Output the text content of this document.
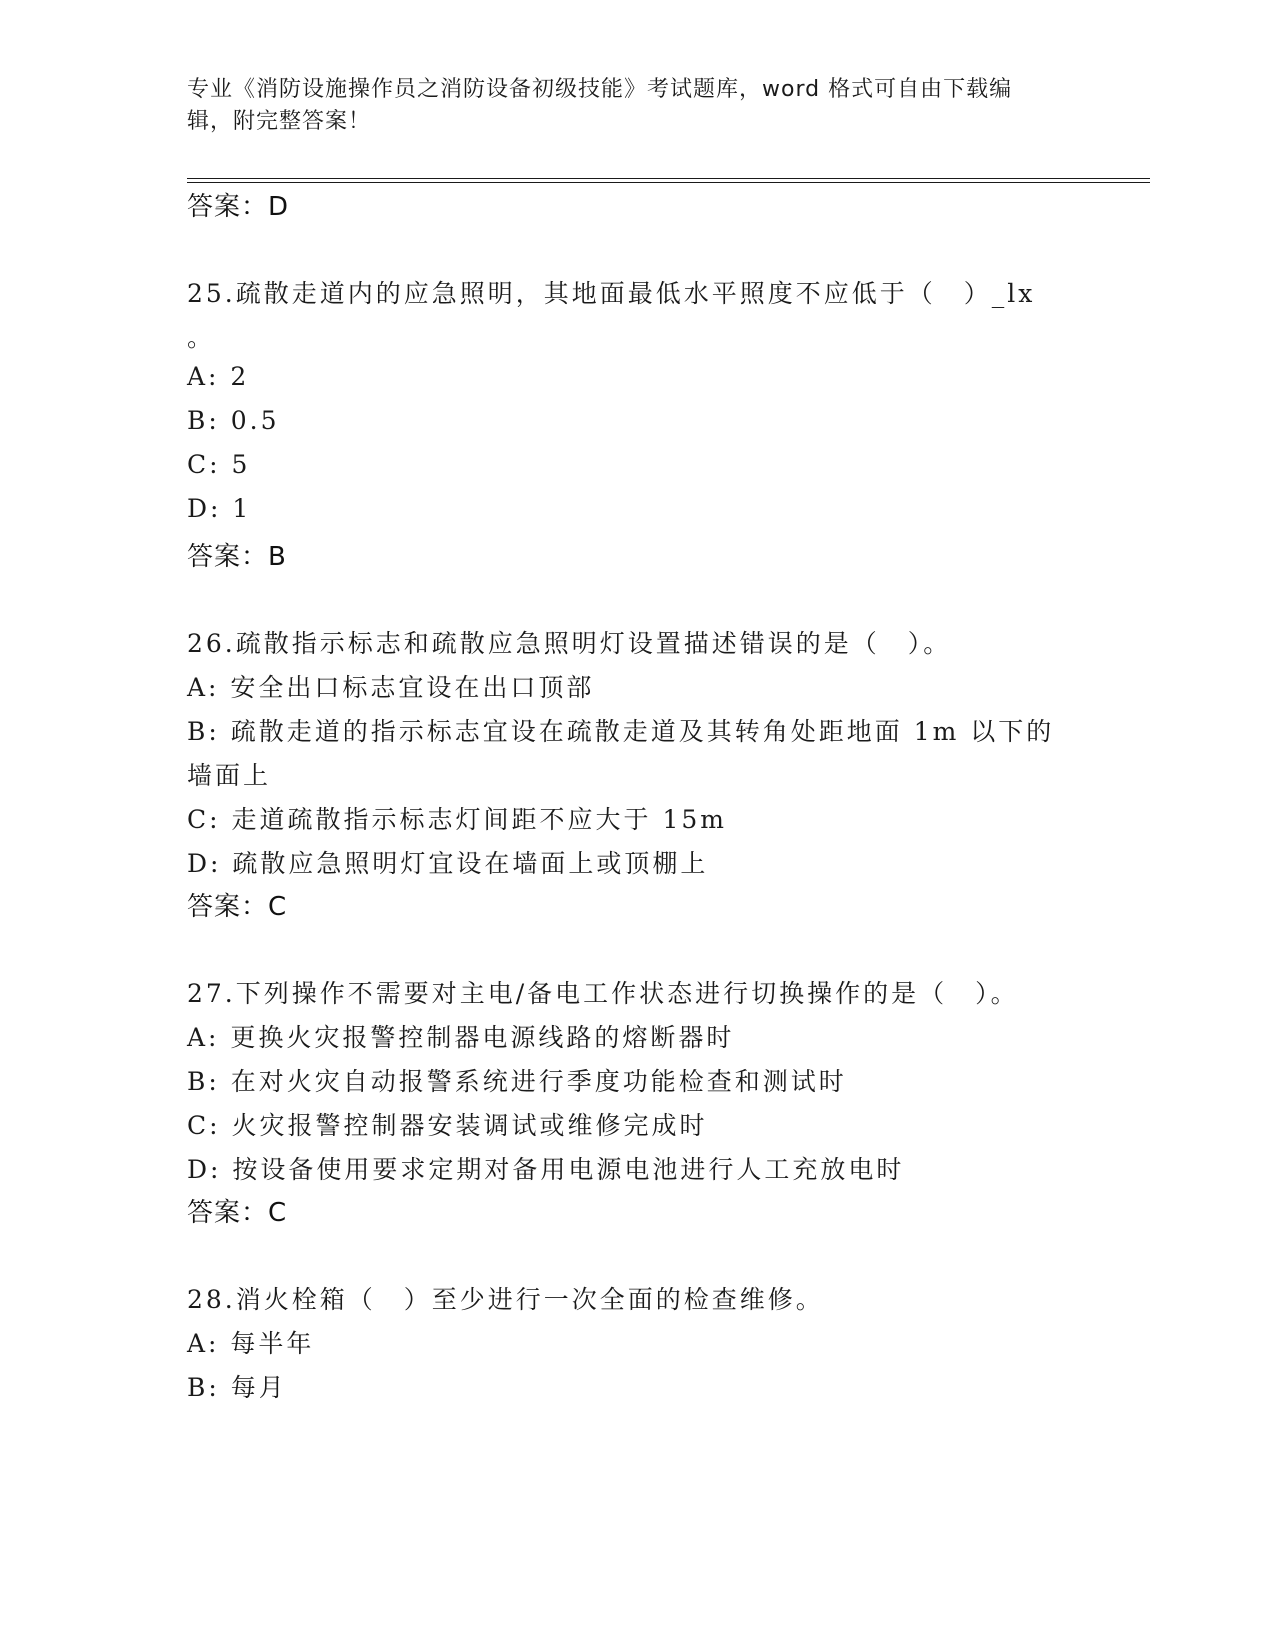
专业《消防设施操作员之消防设备初级技能》考试题库，word 格式可自由下载编
辑，附完整答案！
答案：D
25.疏散走道内的应急照明，其地面最低水平照度不应低于（　）_lx
。
A: 2
B: 0.5
C: 5
D: 1
答案：B
26.疏散指示标志和疏散应急照明灯设置描述错误的是（　）。
A: 安全出口标志宜设在出口顶部
B: 疏散走道的指示标志宜设在疏散走道及其转角处距地面 1m 以下的
墙面上
C: 走道疏散指示标志灯间距不应大于 15m
D: 疏散应急照明灯宜设在墙面上或顶棚上
答案：C
27.下列操作不需要对主电/备电工作状态进行切换操作的是（　）。
A: 更换火灾报警控制器电源线路的熔断器时
B: 在对火灾自动报警系统进行季度功能检查和测试时
C: 火灾报警控制器安装调试或维修完成时
D: 按设备使用要求定期对备用电源电池进行人工充放电时
答案：C
28.消火栓箱（　）至少进行一次全面的检查维修。
A: 每半年
B: 每月
